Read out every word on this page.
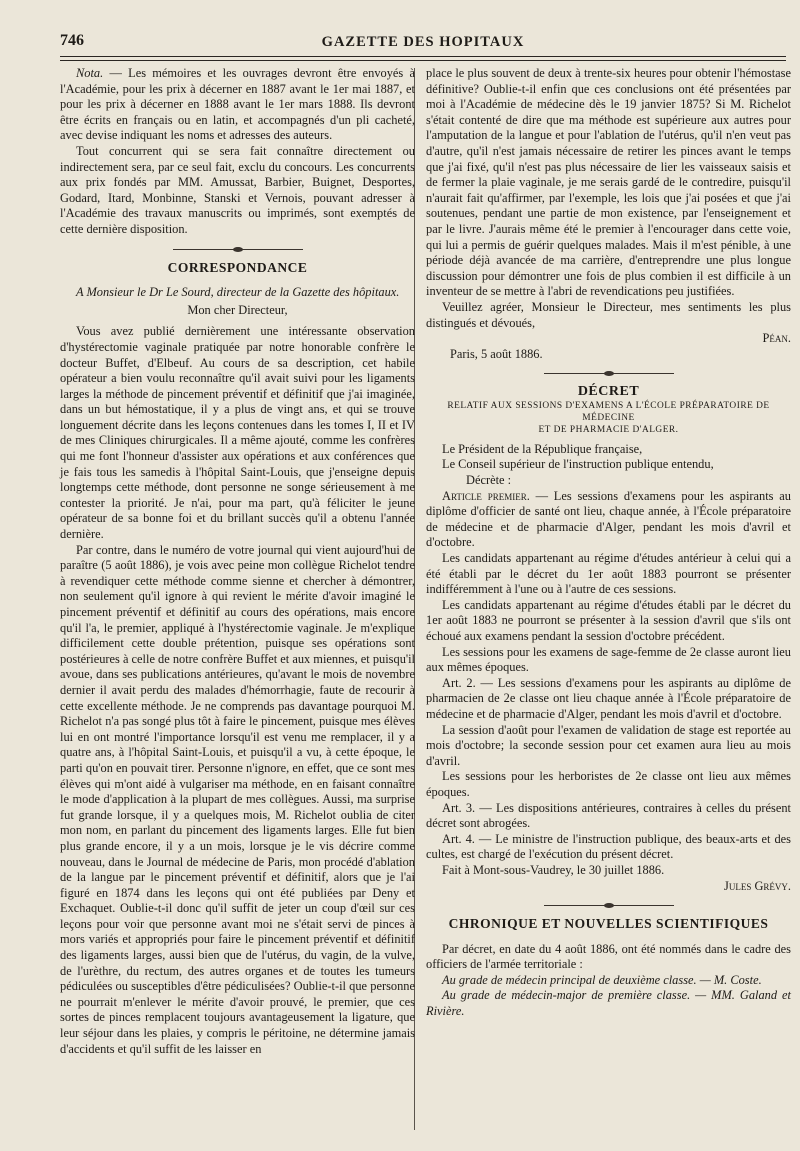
746	GAZETTE DES HOPITAUX

Nota. — Les mémoires et les ouvrages devront être envoyés à l'Académie, pour les prix à décerner en 1887 avant le 1er mai 1887, et pour les prix à décerner en 1888 avant le 1er mars 1888. Ils devront être écrits en français ou en latin, et accompagnés d'un pli cacheté, avec devise indiquant les noms et adresses des auteurs.

Tout concurrent qui se sera fait connaître directement ou indirectement sera, par ce seul fait, exclu du concours. Les concurrents aux prix fondés par MM. Amussat, Barbier, Buignet, Desportes, Godard, Itard, Monbinne, Stanski et Vernois, pouvant adresser à l'Académie des travaux manuscrits ou imprimés, sont exemptés de cette dernière disposition.

CORRESPONDANCE

A Monsieur le Dr Le Sourd, directeur de la Gazette des hôpitaux.

Mon cher Directeur,

Vous avez publié dernièrement une intéressante observation d'hystérectomie vaginale pratiquée par notre honorable confrère le docteur Buffet, d'Elbeuf. Au cours de sa description, cet habile opérateur a bien voulu reconnaître qu'il avait suivi pour les ligaments larges la méthode de pincement préventif et définitif que j'ai imaginée, dans un but hémostatique, il y a plus de vingt ans, et qui se trouve longuement décrite dans les leçons contenues dans les tomes I, II et IV de mes Cliniques chirurgicales. Il a même ajouté, comme les confrères qui me font l'honneur d'assister aux opérations et aux conférences que je fais tous les samedis à l'hôpital Saint-Louis, que j'enseigne depuis longtemps cette méthode, dont personne ne songe sérieusement à me contester la priorité. Je n'ai, pour ma part, qu'à féliciter le jeune opérateur de sa bonne foi et du brillant succès qu'il a obtenu l'année dernière.

Par contre, dans le numéro de votre journal qui vient aujourd'hui de paraître (5 août 1886), je vois avec peine mon collègue Richelot tendre à revendiquer cette méthode comme sienne et chercher à démontrer, non seulement qu'il ignore à qui revient le mérite d'avoir imaginé le pincement préventif et définitif au cours des opérations, mais encore qu'il l'a, le premier, appliqué à l'hystérectomie vaginale. Je m'explique difficilement cette double prétention, puisque ses opérations sont postérieures à celle de notre confrère Buffet et aux miennes, et puisqu'il avoue, dans ses publications antérieures, qu'avant le mois de novembre dernier il avait perdu des malades d'hémorrhagie, faute de recourir à cette excellente méthode. Je ne comprends pas davantage pourquoi M. Richelot n'a pas songé plus tôt à faire le pincement, puisque mes élèves lui en ont montré l'importance lorsqu'il est venu me remplacer, il y a quatre ans, à l'hôpital Saint-Louis, et puisqu'il a vu, à cette époque, le parti qu'on en pouvait tirer. Personne n'ignore, en effet, que ce sont mes élèves qui m'ont aidé à vulgariser ma méthode, en en faisant connaître le mode d'application à la plupart de mes collègues. Aussi, ma surprise fut grande lorsque, il y a quelques mois, M. Richelot oublia de citer mon nom, en parlant du pincement des ligaments larges. Elle fut bien plus grande encore, il y a un mois, lorsque je le vis décrire comme nouveau, dans le Journal de médecine de Paris, mon procédé d'ablation de la langue par le pincement préventif et définitif, alors que je l'ai figuré en 1874 dans les leçons qui ont été publiées par Deny et Exchaquet. Oublie-t-il donc qu'il suffit de jeter un coup d'œil sur ces leçons pour voir que personne avant moi ne s'était servi de pinces à mors variés et appropriés pour faire le pincement préventif et définitif des ligaments larges, aussi bien que de l'utérus, du vagin, de la vulve, de l'urèthre, du rectum, des autres organes et de toutes les tumeurs pédiculées ou susceptibles d'être pédiculisées? Oublie-t-il que personne ne pourrait m'enlever le mérite d'avoir prouvé, le premier, que ces sortes de pinces remplacent toujours avantageusement la ligature, que leur séjour dans les plaies, y compris le péritoine, ne détermine jamais d'accidents et qu'il suffit de les laisser en

place le plus souvent de deux à trente-six heures pour obtenir l'hémostase définitive? Oublie-t-il enfin que ces conclusions ont été présentées par moi à l'Académie de médecine dès le 19 janvier 1875? Si M. Richelot s'était contenté de dire que ma méthode est supérieure aux autres pour l'amputation de la langue et pour l'ablation de l'utérus, qu'il n'en veut pas d'autre, qu'il n'est jamais nécessaire de retirer les pinces avant le temps que j'ai fixé, qu'il n'est pas plus nécessaire de lier les vaisseaux saisis et de fermer la plaie vaginale, je me serais gardé de le contredire, puisqu'il n'aurait fait qu'affirmer, par l'exemple, les lois que j'ai posées et que j'ai soutenues, pendant une partie de mon existence, par l'enseignement et par le livre. J'aurais même été le premier à l'encourager dans cette voie, qui lui a permis de guérir quelques malades. Mais il m'est pénible, à une période déjà avancée de ma carrière, d'entreprendre une plus longue discussion pour démontrer une fois de plus combien il est difficile à un inventeur de se mettre à l'abri de revendications peu justifiées.

Veuillez agréer, Monsieur le Directeur, mes sentiments les plus distingués et dévoués,

Péan.

Paris, 5 août 1886.

DÉCRET

RELATIF AUX SESSIONS D'EXAMENS A L'ÉCOLE PRÉPARATOIRE DE MÉDECINE

ET DE PHARMACIE D'ALGER.

Le Président de la République française,

Le Conseil supérieur de l'instruction publique entendu,

Décrète :

Article premier. — Les sessions d'examens pour les aspirants au diplôme d'officier de santé ont lieu, chaque année, à l'École préparatoire de médecine et de pharmacie d'Alger, pendant les mois d'avril et d'octobre.

Les candidats appartenant au régime d'études antérieur à celui qui a été établi par le décret du 1er août 1883 pourront se présenter indifféremment à l'une ou à l'autre de ces sessions.

Les candidats appartenant au régime d'études établi par le décret du 1er août 1883 ne pourront se présenter à la session d'avril que s'ils ont échoué aux examens pendant la session d'octobre précédent.

Les sessions pour les examens de sage-femme de 2e classe auront lieu aux mêmes époques.

Art. 2. — Les sessions d'examens pour les aspirants au diplôme de pharmacien de 2e classe ont lieu chaque année à l'École préparatoire de médecine et de pharmacie d'Alger, pendant les mois d'avril et d'octobre.

La session d'août pour l'examen de validation de stage est reportée au mois d'octobre; la seconde session pour cet examen aura lieu au mois d'avril.

Les sessions pour les herboristes de 2e classe ont lieu aux mêmes époques.

Art. 3. — Les dispositions antérieures, contraires à celles du présent décret sont abrogées.

Art. 4. — Le ministre de l'instruction publique, des beaux-arts et des cultes, est chargé de l'exécution du présent décret.

Fait à Mont-sous-Vaudrey, le 30 juillet 1886.

Jules Grévy.

CHRONIQUE ET NOUVELLES SCIENTIFIQUES

Par décret, en date du 4 août 1886, ont été nommés dans le cadre des officiers de l'armée territoriale :

Au grade de médecin principal de deuxième classe. — M. Coste.

Au grade de médecin-major de première classe. — MM. Galand et Rivière.
